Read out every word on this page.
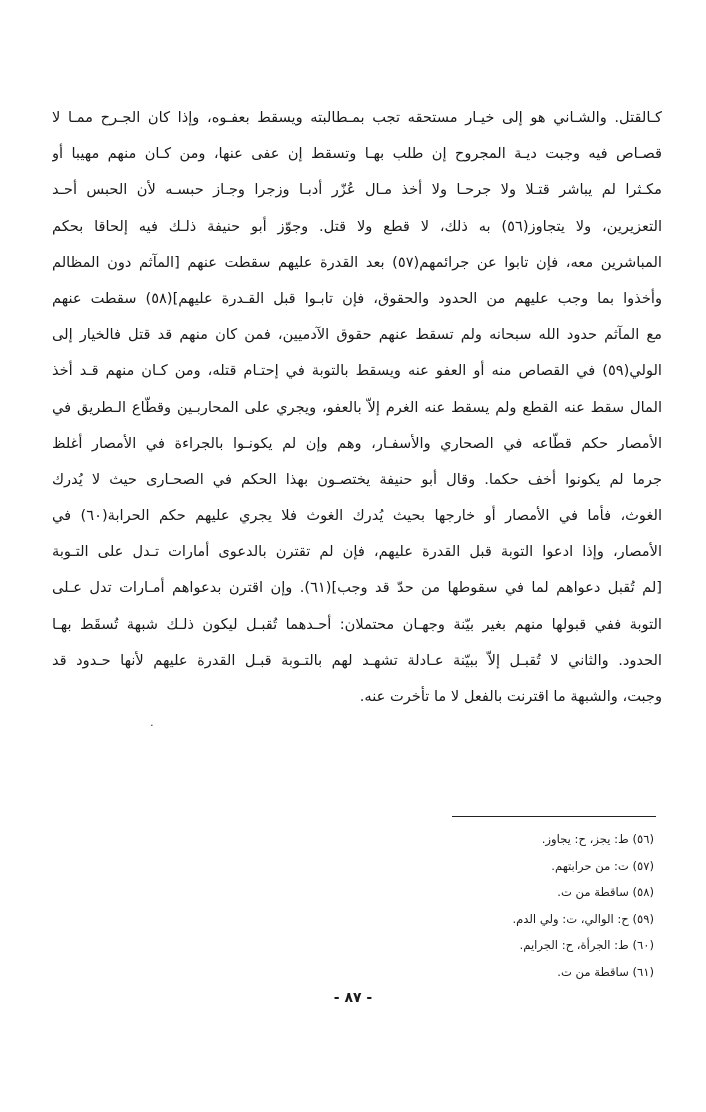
كـالقتل. والشـاني هو إلى خيـار مستحقه تجب بمـطالبته ويسقط بعفـوه، وإذا كان الجـرح ممـا لا
قصـاص فيه وجبت ديـة المجروح إن طلب بهـا وتسقط إن عفى عنها، ومن كـان منهم مهيبا أو
مكـثرا لم يباشر قتـلا ولا جرحـا ولا أخذ مـال عُزّر أدبـا وزجرا وجـاز حبسـه لأن الحبس أحـد
التعزيرين، ولا يتجاوز(٥٦) به ذلك، لا قطع ولا قتل. وجوّز أبو حنيفة ذلـك فيه إلحاقا بحكم
المباشرين معه، فإن تابوا عن جرائمهم(٥٧) بعد القدرة عليهم سقطت عنهم [المآثم دون المظالم
وأخذوا بما وجب عليهم من الحدود والحقوق، فإن تابـوا قبل القـدرة عليهم](٥٨) سقطت عنهم
مع المآثم حدود الله سبحانه ولم تسقط عنهم حقوق الآدميين، فمن كان منهم قد قتل فالخيار إلى
الولي(٥٩) في القصاص منه أو العفو عنه ويسقط بالتوبة في إحتـام قتله، ومن كـان منهم قـد أخذ
المال سقط عنه القطع ولم يسقط عنه الغرم إلاّ بالعفو، ويجري على المحاربـين وقطّاع الـطريق في
الأمصار حكم قطّاعه في الصحاري والأسفـار، وهم وإن لم يكونـوا بالجراءة في الأمصار أغلظ
جرما لم يكونوا أخف حكما. وقال أبو حنيفة يختصـون بهذا الحكم في الصحـارى حيث لا يُدرك
الغوث، فأما في الأمصار أو خارجها بحيث يُدرك الغوث فلا يجري عليهم حكم الحرابة(٦٠) في
الأمصار، وإذا ادعوا التوبة قبل القدرة عليهم، فإن لم تقترن بالدعوى أمارات تـدل على التـوبة
[لم تُقبل دعواهم لما في سقوطها من حدّ قد وجب](٦١). وإن اقترن بدعواهم أمـارات تدل عـلى
التوبة ففي قبولها منهم بغير بيّنة وجهـان محتملان: أحـدهما تُقبـل ليكون ذلـك شبهة تُسقَط بهـا
الحدود. والثاني لا تُقبـل إلاّ ببيّنة عـادلة تشهـد لهم بالتـوبة قبـل القدرة عليهم لأنها حـدود قد
وجبت، والشبهة ما اقترنت بالفعل لا ما تأخرت عنه.
․
(٥٦) ط: يجز، ح: يجاوز.
(٥٧) ت: من حرابتهم.
(٥٨) ساقطة من ت.
(٥٩) ح: الوالي، ت: ولي الدم.
(٦٠) ط: الجرأة، ح: الجرايم.
(٦١) ساقطة من ت.
- ٨٧ -
